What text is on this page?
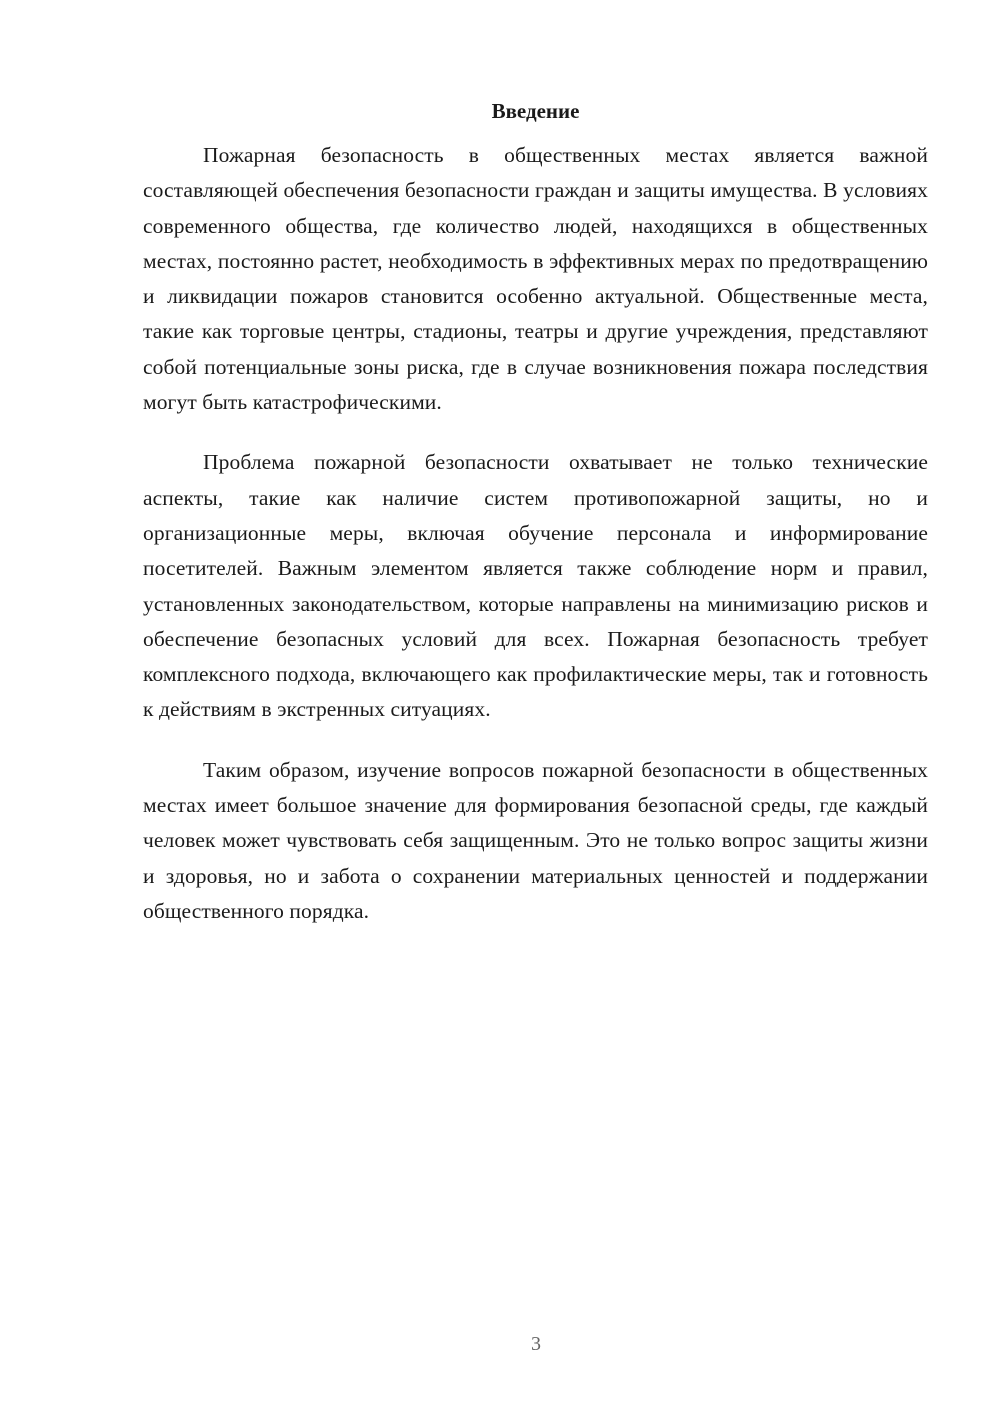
Введение

Пожарная безопасность в общественных местах является важной составляющей обеспечения безопасности граждан и защиты имущества. В условиях современного общества, где количество людей, находящихся в общественных местах, постоянно растет, необходимость в эффективных мерах по предотвращению и ликвидации пожаров становится особенно актуальной. Общественные места, такие как торговые центры, стадионы, театры и другие учреждения, представляют собой потенциальные зоны риска, где в случае возникновения пожара последствия могут быть катастрофическими.

Проблема пожарной безопасности охватывает не только технические аспекты, такие как наличие систем противопожарной защиты, но и организационные меры, включая обучение персонала и информирование посетителей. Важным элементом является также соблюдение норм и правил, установленных законодательством, которые направлены на минимизацию рисков и обеспечение безопасных условий для всех. Пожарная безопасность требует комплексного подхода, включающего как профилактические меры, так и готовность к действиям в экстренных ситуациях.

Таким образом, изучение вопросов пожарной безопасности в общественных местах имеет большое значение для формирования безопасной среды, где каждый человек может чувствовать себя защищенным. Это не только вопрос защиты жизни и здоровья, но и забота о сохранении материальных ценностей и поддержании общественного порядка.

3
